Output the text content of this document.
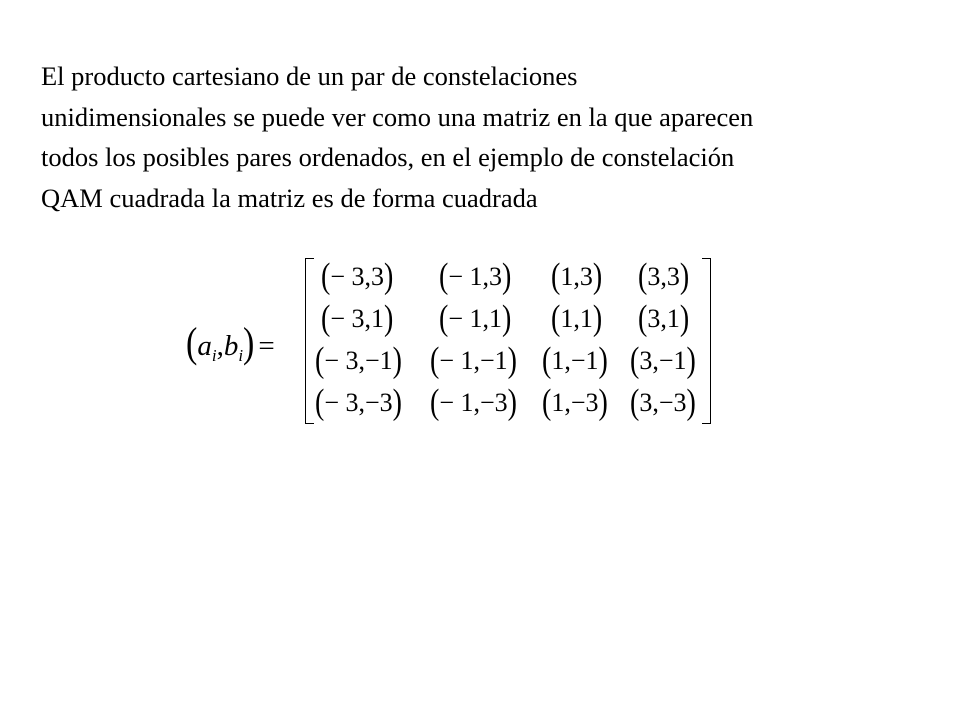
El producto cartesiano de un par de constelaciones
unidimensionales se puede ver como una matriz en la que aparecen
todos los posibles pares ordenados, en el ejemplo de constelación
QAM cuadrada la matriz es de forma cuadrada
$(a_i,b_i)$ =
(− 3,3) (− 1,3) (1,3) (3,3)
(− 3,1) (− 1,1) (1,1) (3,1)
(− 3,−1) (− 1,−1) (1,−1) (3,−1)
(− 3,−3) (− 1,−3) (1,−3) (3,−3)
